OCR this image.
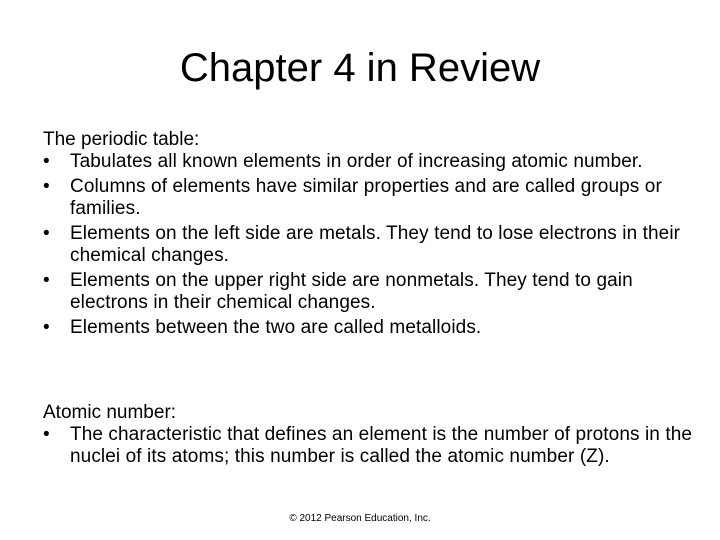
Chapter 4 in Review

The periodic table:

•	Tabulates all known elements in order of increasing atomic number.
•	Columns of elements have similar properties and are called groups or families.
•	Elements on the left side are metals. They tend to lose electrons in their chemical changes.
•	Elements on the upper right side are nonmetals. They tend to gain electrons in their chemical changes.
•	Elements between the two are called metalloids.

Atomic number:

•	The characteristic that defines an element is the number of protons in the nuclei of its atoms; this number is called the atomic number (Z).
© 2012 Pearson Education, Inc.
